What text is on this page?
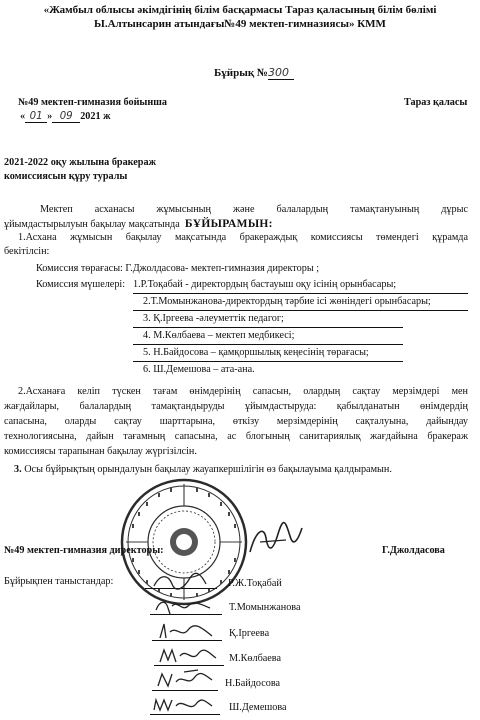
«Жамбыл облысы әкімдігінің білім басқармасы Тараз қаласының білім бөлімі
Ы.Алтынсарин атындағы№49 мектеп-гимназиясы» КММ
Бұйрық №300
№49 мектеп-гимназия бойынша	Тараз қаласы
« 01 » 09 2021 ж
2021-2022 оқу жылына бракераж
комиссиясын құру туралы
Мектеп асханасы жұмысының және балалардың тамақтануының дұрыс
ұйымдастырылуын бақылау мақсатында БҰЙЫРАМЫН:
1.Асхана жұмысын бақылау мақсатында бракераждық комиссиясы төмендегі құрамда
бекітілсін:
Комиссия төрағасы: Г.Джолдасова- мектеп-гимназия директоры ;
Комиссия мүшелері: 1.Р.Тоқабай - директордың бастауыш оқу ісінің орынбасары;
2.Т.Момынжанова-директордың тәрбие ісі жөніндегі орынбасары;
3. Қ.Іргеева -әлеуметтік педагог;
4. М.Көлбаева – мектеп медбикесі;
5. Н.Байдосова – қамқоршылық кеңесінің төрағасы;
6. Ш.Демешова – ата-ана.
2.Асханаға келіп түскен тағам өнімдерінің сапасын, олардың сақтау мерзімдері мен
жағдайлары, балалардың тамақтандыруды ұйымдастыруда: қабылданатын өнімдердің
сапасына, оларды сақтау шарттарына, өткізу мерзімдерінің сақталуына, дайындау
технологиясына, дайын тағамның сапасына, ас блогының санитариялық жағдайына бракераж
комиссиясы тарапынан бақылау жүргізілсін.
3. Осы бұйрықтың орындалуын бақылау жауапкершілігін өз бақылауыма қалдырамын.
№49 мектеп-гимназия директоры:	Г.Джолдасова
Бұйрықпен таныстандар:	Р.Ж.Тоқабай
Т.Момынжанова
Қ.Іргеева
М.Көлбаева
Н.Байдосова
Ш.Демешова
